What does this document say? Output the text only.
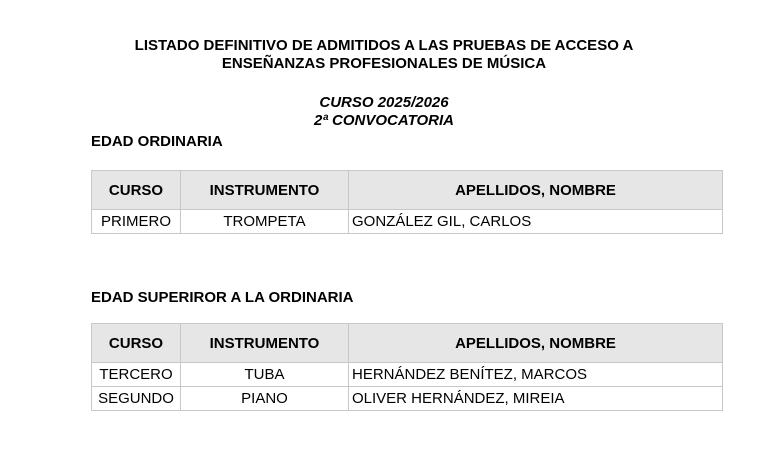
LISTADO DEFINITIVO DE ADMITIDOS A LAS PRUEBAS DE ACCESO A
ENSEÑANZAS PROFESIONALES DE MÚSICA
CURSO 2025/2026
2ª CONVOCATORIA
EDAD ORDINARIA
CURSO	INSTRUMENTO	APELLIDOS, NOMBRE
PRIMERO	TROMPETA	GONZÁLEZ GIL, CARLOS
EDAD SUPERIROR A LA ORDINARIA
CURSO	INSTRUMENTO	APELLIDOS, NOMBRE
TERCERO	TUBA	HERNÁNDEZ BENÍTEZ, MARCOS
SEGUNDO	PIANO	OLIVER HERNÁNDEZ, MIREIA
